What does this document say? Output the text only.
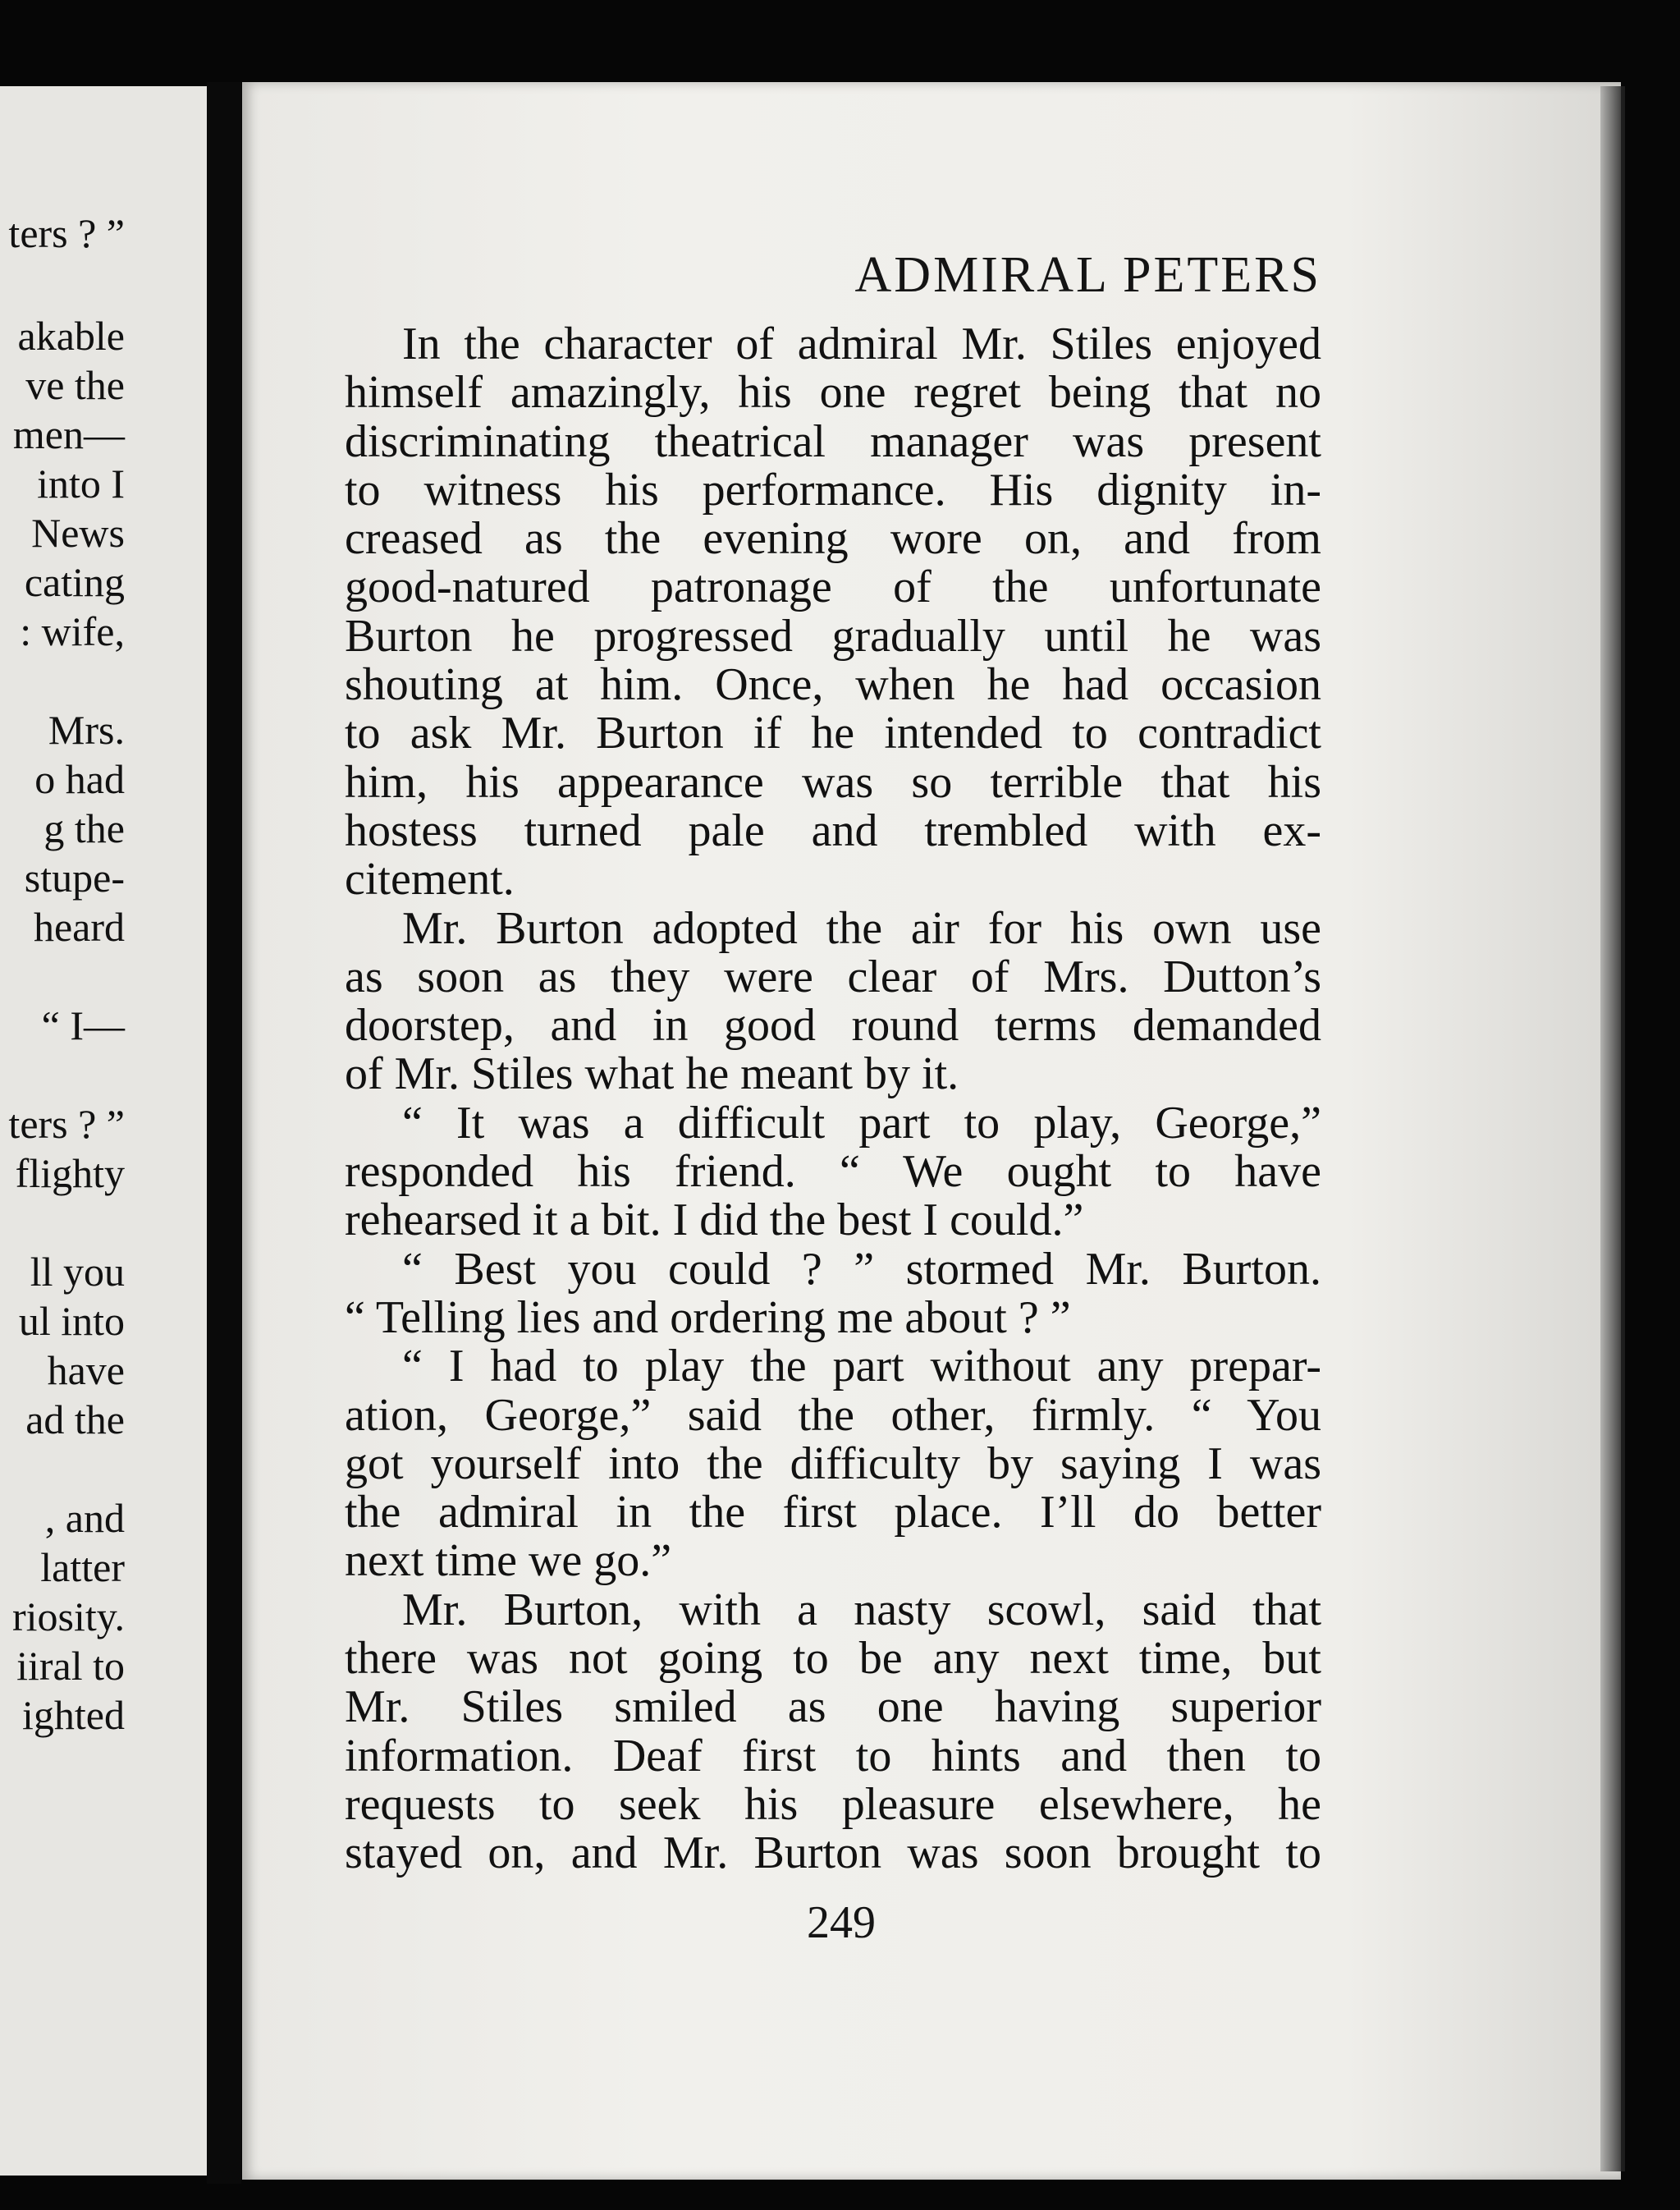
ters ? ”
akable
ve the
men—
into I
News
cating
: wife,
Mrs.
o had
g the
stupe-
heard
“ I—
ters ? ”
flighty
ll you
ul into
have
ad the
, and
latter
riosity.
iiral to
ighted
ADMIRAL PETERS
In the character of admiral Mr. Stiles enjoyed
himself amazingly, his one regret being that no
discriminating theatrical manager was present
to witness his performance. His dignity in-
creased as the evening wore on, and from
good-natured patronage of the unfortunate
Burton he progressed gradually until he was
shouting at him. Once, when he had occasion
to ask Mr. Burton if he intended to contradict
him, his appearance was so terrible that his
hostess turned pale and trembled with ex-
citement.
Mr. Burton adopted the air for his own use
as soon as they were clear of Mrs. Dutton’s
doorstep, and in good round terms demanded
of Mr. Stiles what he meant by it.
“ It was a difficult part to play, George,”
responded his friend. “ We ought to have
rehearsed it a bit. I did the best I could.”
“ Best you could ? ” stormed Mr. Burton.
“ Telling lies and ordering me about ? ”
“ I had to play the part without any prepar-
ation, George,” said the other, firmly. “ You
got yourself into the difficulty by saying I was
the admiral in the first place. I’ll do better
next time we go.”
Mr. Burton, with a nasty scowl, said that
there was not going to be any next time, but
Mr. Stiles smiled as one having superior
information. Deaf first to hints and then to
requests to seek his pleasure elsewhere, he
stayed on, and Mr. Burton was soon brought to
249
